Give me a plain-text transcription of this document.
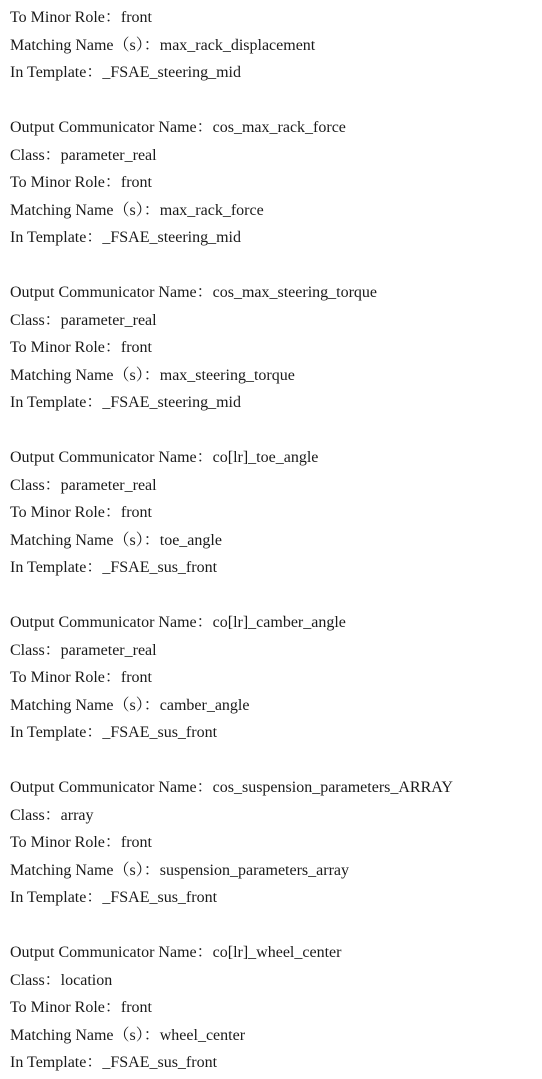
To Minor Role：front
Matching Name（s）：max_rack_displacement
In Template：_FSAE_steering_mid
Output Communicator Name：cos_max_rack_force
Class：parameter_real
To Minor Role：front
Matching Name（s）：max_rack_force
In Template：_FSAE_steering_mid
Output Communicator Name：cos_max_steering_torque
Class：parameter_real
To Minor Role：front
Matching Name（s）：max_steering_torque
In Template：_FSAE_steering_mid
Output Communicator Name：co[lr]_toe_angle
Class：parameter_real
To Minor Role：front
Matching Name（s）：toe_angle
In Template：_FSAE_sus_front
Output Communicator Name：co[lr]_camber_angle
Class：parameter_real
To Minor Role：front
Matching Name（s）：camber_angle
In Template：_FSAE_sus_front
Output Communicator Name：cos_suspension_parameters_ARRAY
Class：array
To Minor Role：front
Matching Name（s）：suspension_parameters_array
In Template：_FSAE_sus_front
Output Communicator Name：co[lr]_wheel_center
Class：location
To Minor Role：front
Matching Name（s）：wheel_center
In Template：_FSAE_sus_front
